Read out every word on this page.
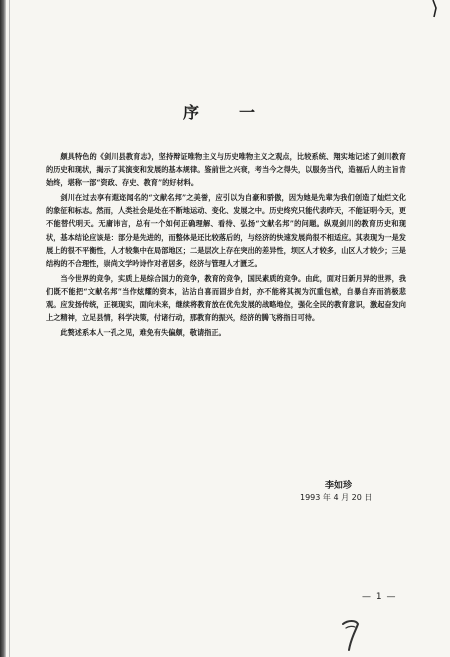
序　一

颇具特色的《剑川县教育志》，坚持辩证唯物主义与历史唯物主义之观点，比较系统、翔实地记述了剑川教育的历史和现状，揭示了其演变和发展的基本规律。鉴前世之兴衰，考当今之得失，以服务当代，造福后人的主旨肯始终，堪称一部“资政、存史、教育”的好材料。

剑川在过去享有遐迩闻名的“文献名邦”之美誉，应引以为自豪和骄傲，因为她是先辈为我们创造了灿烂文化的象征和标志。然而，人类社会是处在不断地运动、变化、发展之中。历史终究只能代表昨天，不能证明今天，更不能替代明天。无庸讳言，总有一个如何正确理解、看待、弘扬“文献名邦”的问题。纵观剑川的教育历史和现状，基本结论应该是：部分是先进的，而整体是还比较落后的，与经济的快速发展尚很不相适应。其表现为一是发展上的很不平衡性，人才较集中在局部地区；二是层次上存在突出的差异性，坝区人才较多，山区人才较少；三是结构的不合理性，崇尚文学吟诗作对者居多，经济与管理人才匮乏。

当今世界的竞争，实质上是综合国力的竞争，教育的竞争，国民素质的竞争。由此，面对日新月异的世界，我们既不能把“文献名邦”当作炫耀的资本，沾沾自喜而固步自封，亦不能将其视为沉重包袱，自暴自弃而消极悲观。应发扬传统，正视现实，面向未来，继续将教育放在优先发展的战略地位，强化全民的教育意识，激起奋发向上之精神，立足县情，科学决策，付诸行动，那教育的振兴，经济的腾飞将指日可待。

此赘述系本人一孔之见，难免有失偏颇，敬请指正。

李如珍
1993 年 4 月 20 日
— 1 —
